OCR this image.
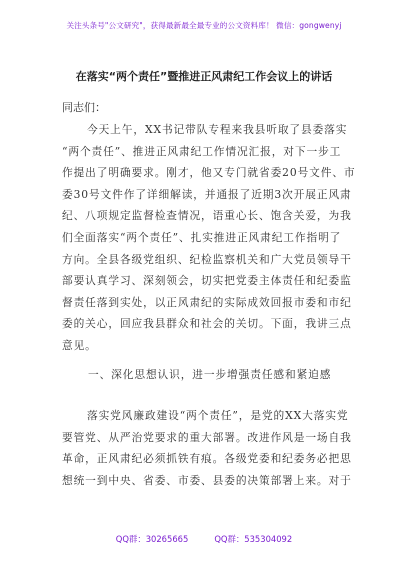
关注头条号"公文研究"，获得最新最全最专业的公文资料库！ 微信：gongwenyj
在落实“两个责任”暨推进正风肃纪工作会议上的讲话
同志们：
今天上午，XX书记带队专程来我县听取了县委落实
“两个责任”、推进正风肃纪工作情况汇报，对下一步工
作提出了明确要求。刚才，他又专门就省委20号文件、市
委30号文件作了详细解读，并通报了近期3次开展正风肃
纪、八项规定监督检查情况，语重心长、饱含关爱，为我
们全面落实“两个责任”、扎实推进正风肃纪工作指明了
方向。全县各级党组织、纪检监察机关和广大党员领导干
部要认真学习、深刻领会，切实把党委主体责任和纪委监
督责任落到实处，以正风肃纪的实际成效回报市委和市纪
委的关心，回应我县群众和社会的关切。下面，我讲三点
意见。
一、深化思想认识，进一步增强责任感和紧迫感
落实党风廉政建设“两个责任”，是党的XX大落实党
要管党、从严治党要求的重大部署。改进作风是一场自我
革命，正风肃纪必须抓铁有痕。各级党委和纪委务必把思
想统一到中央、省委、市委、县委的决策部署上来。对于
QQ群：30265665	QQ群：535304092
